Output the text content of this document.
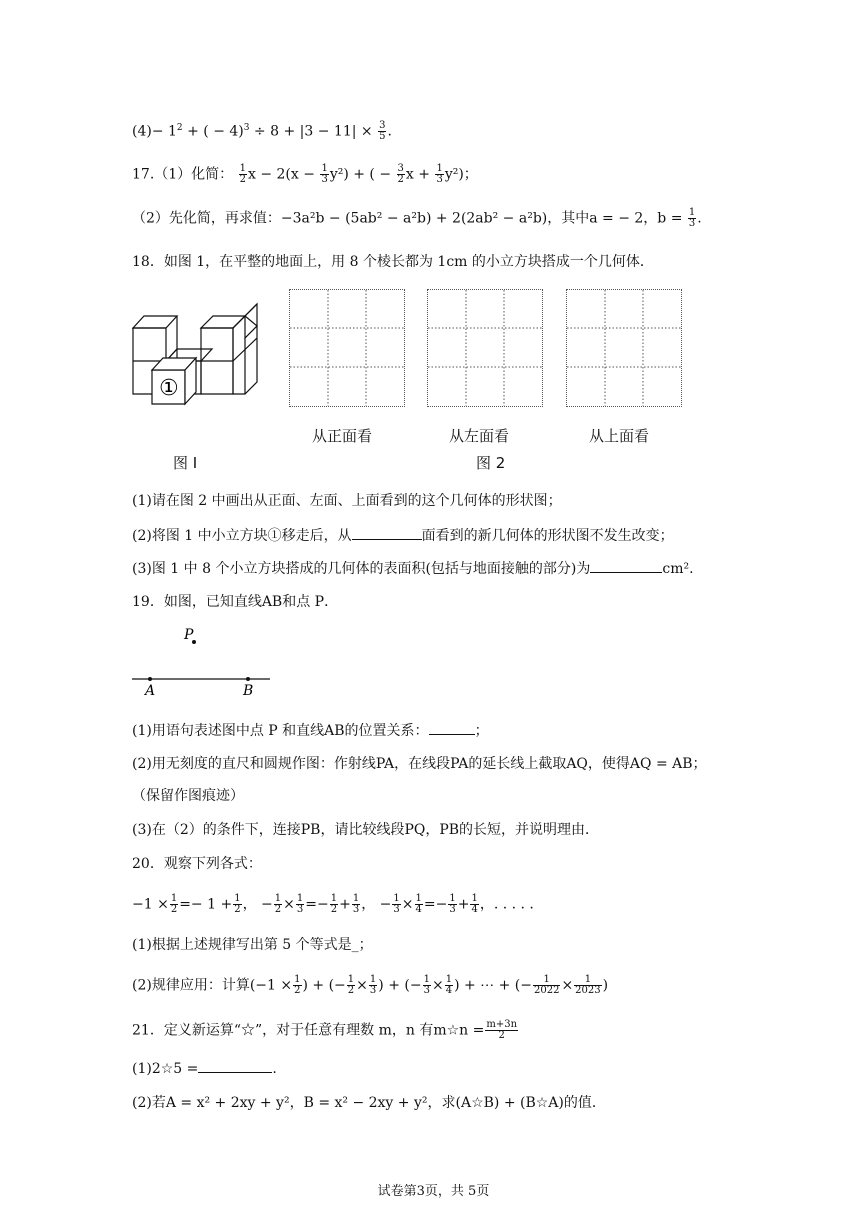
$(4)- 1^2$ + ( − $4)^3 \div 8 + |3 - 11| \times \frac{3}{5}$ .
17.（1）化简： $\frac{1}{2}$ $x - 2(x - \frac{1}{3} y^2)$ + ( − $\frac{3}{2}$ $x + \frac{1}{3} y^2$)；
（2）先化简，再求值：−3a²b − (5ab² − a²b) + 2(2ab² − a²b)，其中a = − 2，$b = \frac{1}{3}$ .
18．如图 1，在平整的地面上，用 8 个棱长都为 1cm 的小立方块搭成一个几何体．
①
从正面看	从左面看	从上面看
图 I	图 2
(1)请在图 2 中画出从正面、左面、上面看到的这个几何体的形状图；
(2)将图 1 中小立方块①移走后，从	面看到的新几何体的形状图不发生改变；
(3)图 1 中 8 个小立方块搭成的几何体的表面积(包括与地面接触的部分)为	cm².
19．如图，已知直线AB和点 P．
P
A	B
(1)用语句表述图中点 P 和直线AB的位置关系：	；
(2)用无刻度的直尺和圆规作图：作射线PA，在线段PA的延长线上截取AQ，使得AQ = AB；
（保留作图痕迹）
(3)在（2）的条件下，连接PB，请比较线段PQ，PB的长短，并说明理由．
20．观察下列各式：
$-1 \times \frac{1}{2} =- 1 + \frac{1}{2}$ ， − $\frac{1}{2} \times \frac{1}{3} =- \frac{1}{2} + \frac{1}{3}$ ， − $\frac{1}{3} \times \frac{1}{4} =- \frac{1}{3} + \frac{1}{4}$ ，. . . . .
(1)根据上述规律写出第 5 个等式是_；
(2)规律应用：计算($-1 \times \frac{1}{2}$ ) + (− $\frac{1}{2} \times \frac{1}{3}$ ) + (− $\frac{1}{3} \times \frac{1}{4}$ ) + ⋯ + (− $\frac{1}{2022} \times \frac{1}{2023}$ )
21．定义新运算“☆”，对于任意有理数 m，n 有m☆n = $\frac{m+3n}{2}$
(1)2☆5 =	.
(2)若A = x² + 2xy + y²，B = x² − 2xy + y²，求(A☆B) + (B☆A)的值．
试卷第3页，共 5页
